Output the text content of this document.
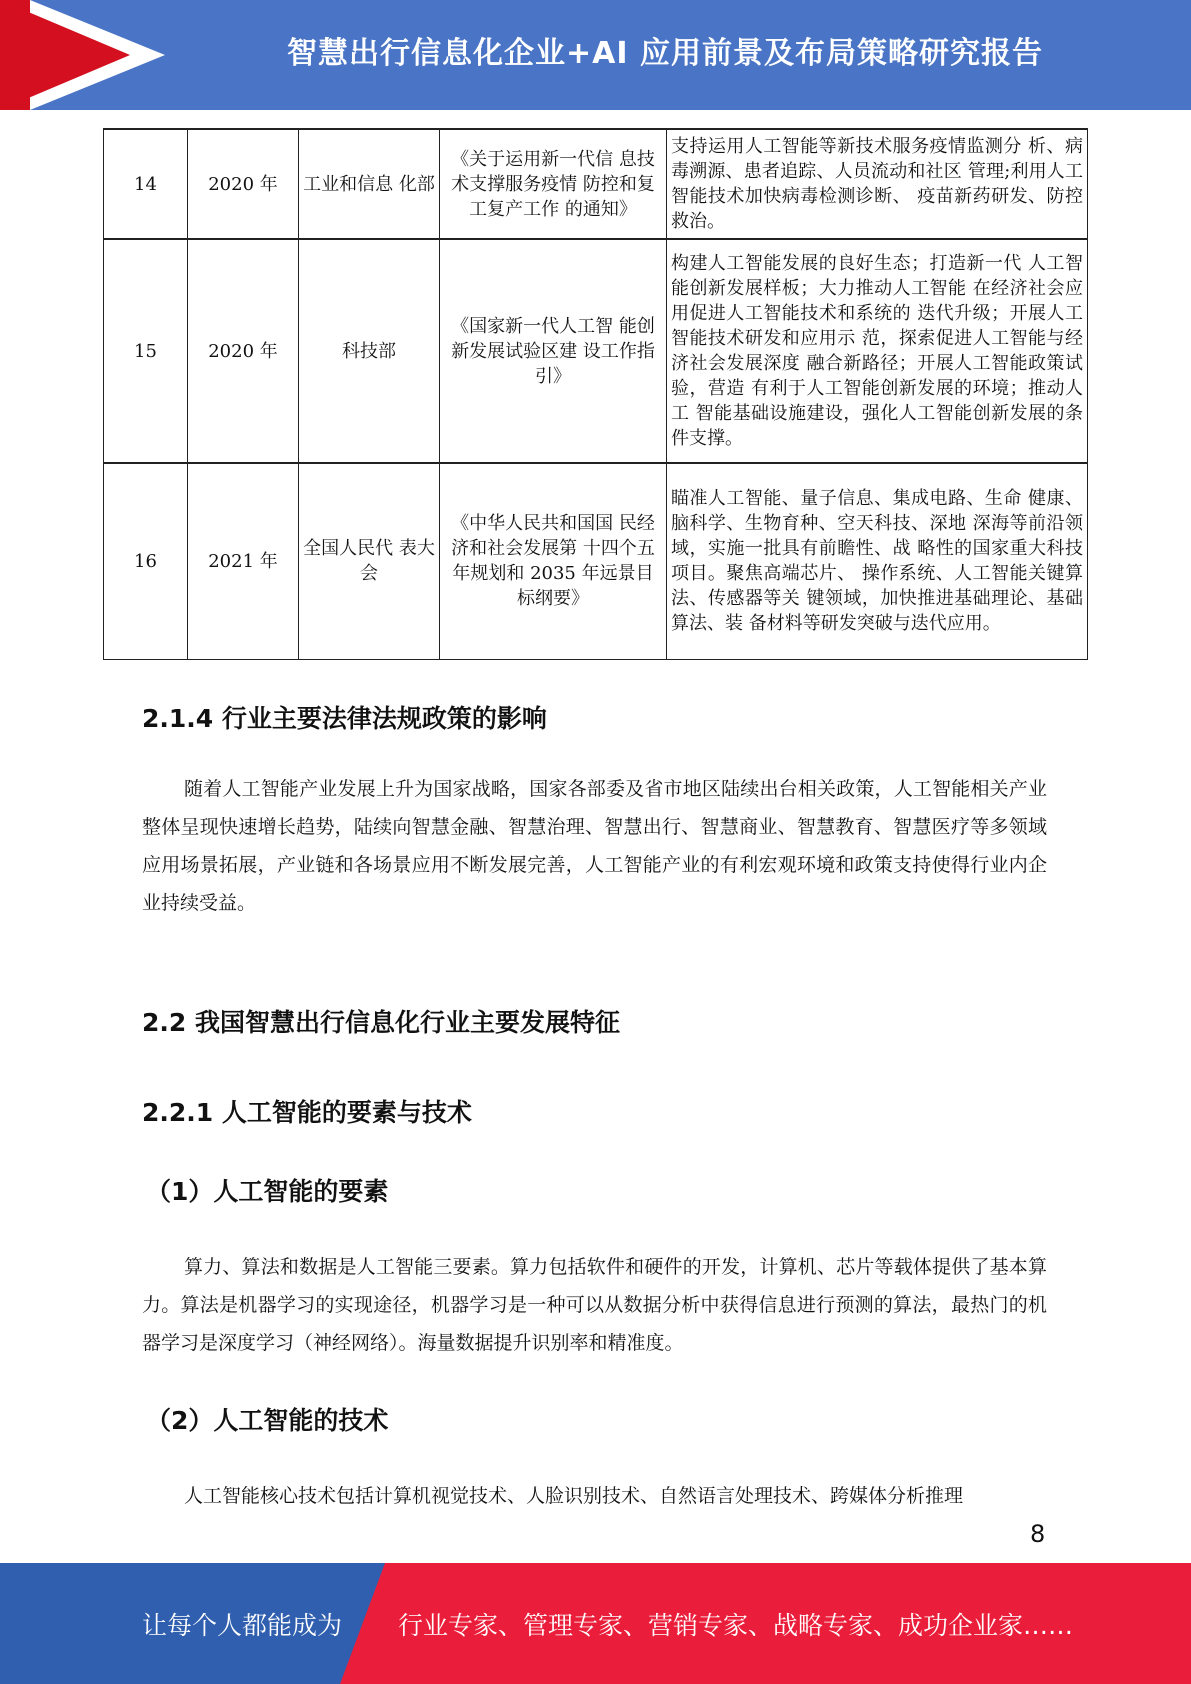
智慧出行信息化企业+AI 应用前景及布局策略研究报告
14	2020 年	工业和信息 化部	《关于运用新一代信 息技术支撑服务疫情 防控和复工复产工作 的通知》	支持运用人工智能等新技术服务疫情监测分 析、病毒溯源、患者追踪、人员流动和社区 管理;利用人工智能技术加快病毒检测诊断、 疫苗新药研发、防控救治。
15	2020 年	科技部	《国家新一代人工智 能创新发展试验区建 设工作指引》	构建人工智能发展的良好生态；打造新一代 人工智能创新发展样板；大力推动人工智能 在经济社会应用促进人工智能技术和系统的 迭代升级；开展人工智能技术研发和应用示 范，探索促进人工智能与经济社会发展深度 融合新路径；开展人工智能政策试验，营造 有利于人工智能创新发展的环境；推动人工 智能基础设施建设，强化人工智能创新发展的条件支撑。
16	2021 年	全国人民代 表大会	《中华人民共和国国 民经济和社会发展第 十四个五年规划和 2035 年远景目标纲要》	瞄准人工智能、量子信息、集成电路、生命 健康、脑科学、生物育种、空天科技、深地 深海等前沿领域，实施一批具有前瞻性、战 略性的国家重大科技项目。聚焦高端芯片、 操作系统、人工智能关键算法、传感器等关 键领域，加快推进基础理论、基础算法、装 备材料等研发突破与迭代应用。
2.1.4 行业主要法律法规政策的影响
随着人工智能产业发展上升为国家战略，国家各部委及省市地区陆续出台相关政策，人工智能相关产业整体呈现快速增长趋势，陆续向智慧金融、智慧治理、智慧出行、智慧商业、智慧教育、智慧医疗等多领域应用场景拓展，产业链和各场景应用不断发展完善，人工智能产业的有利宏观环境和政策支持使得行业内企业持续受益。
2.2 我国智慧出行信息化行业主要发展特征
2.2.1 人工智能的要素与技术
（1）人工智能的要素
算力、算法和数据是人工智能三要素。算力包括软件和硬件的开发，计算机、芯片等载体提供了基本算力。算法是机器学习的实现途径，机器学习是一种可以从数据分析中获得信息进行预测的算法，最热门的机器学习是深度学习（神经网络）。海量数据提升识别率和精准度。
（2）人工智能的技术
人工智能核心技术包括计算机视觉技术、人脸识别技术、自然语言处理技术、跨媒体分析推理
8
让每个人都能成为 行业专家、管理专家、营销专家、战略专家、成功企业家……
